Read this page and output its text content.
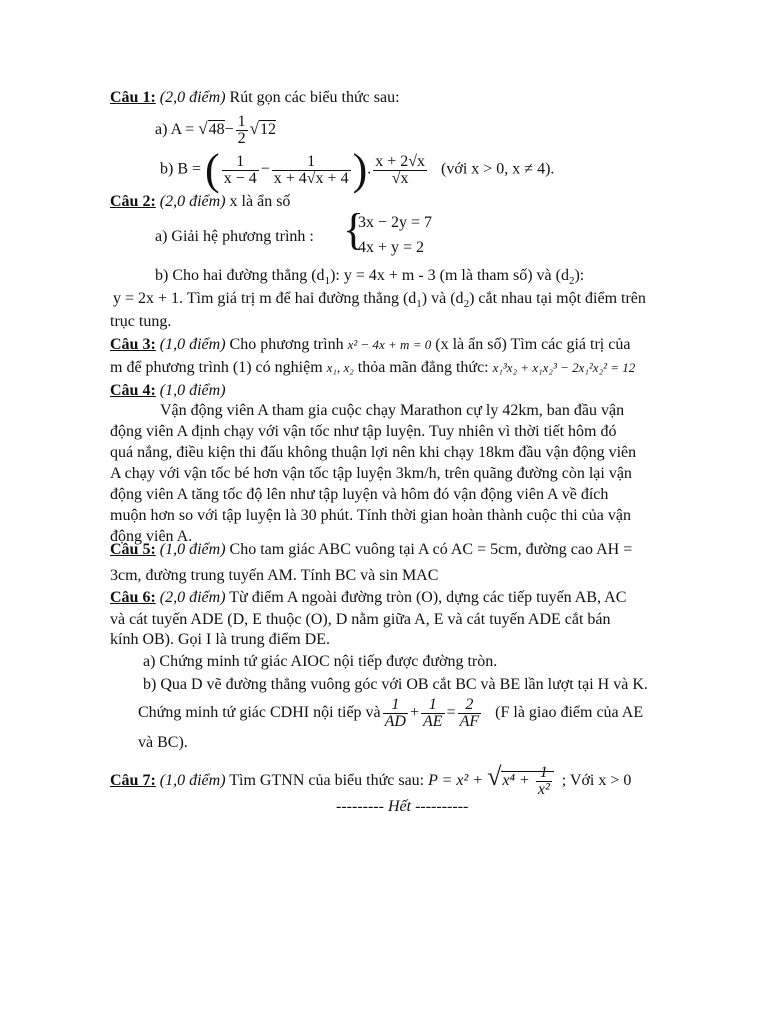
Câu 1: (2,0 điểm) Rút gọn các biểu thức sau:
a) $A = √48- \frac{1}{2} √12$
b) B = ( $\frac{1}{x - 4} - \frac{1}{x + 4√x + 4}$ ). $\frac{x + 2√x}{√x}$ (với x > 0, x ≠ 4).
Câu 2: (2,0 điểm) x là ẩn số
a) Giải hệ phương trình : {
3x − 2y = 7
4x + y = 2
b) Cho hai đường thẳng $(d_1)$: y = 4x + m - 3 (m là tham số) và $(d_2)$:
y = 2x + 1. Tìm giá trị m để hai đường thẳng $(d_1)$ và $(d_2)$ cắt nhau tại một điểm trên
trục tung.
Câu 3: (1,0 điểm) Cho phương trình x² − 4x + m = 0 (x là ẩn số) Tìm các giá trị của
m để phương trình (1) có nghiệm x₁, x₂ thỏa mãn đẳng thức: x₁³x₂ + x₁x₂³ − 2x₁²x₂² = 12
Câu 4: (1,0 điểm)
Vận động viên A tham gia cuộc chạy Marathon cự ly 42km, ban đầu vận
động viên A định chạy với vận tốc như tập luyện. Tuy nhiên vì thời tiết hôm đó
quá nắng, điều kiện thi đấu không thuận lợi nên khi chạy 18km đầu vận động viên
A chạy với vận tốc bé hơn vận tốc tập luyện 3km/h, trên quãng đường còn lại vận
động viên A tăng tốc độ lên như tập luyện và hôm đó vận động viên A về đích
muộn hơn so với tập luyện là 30 phút. Tính thời gian hoàn thành cuộc thi của vận
động viên A.
Câu 5: (1,0 điểm) Cho tam giác ABC vuông tại A có AC = 5cm, đường cao AH =
3cm, đường trung tuyến AM. Tính BC và sin MAC
Câu 6: (2,0 điểm) Từ điểm A ngoài đường tròn (O), dựng các tiếp tuyến AB, AC
và cát tuyến ADE (D, E thuộc (O), D nằm giữa A, E và cát tuyến ADE cắt bán
kính OB). Gọi I là trung điểm DE.
a) Chứng minh tứ giác AIOC nội tiếp được đường tròn.
b) Qua D vẽ đường thẳng vuông góc với OB cắt BC và BE lần lượt tại H và K.
Chứng minh tứ giác CDHI nội tiếp và $\frac{1}{AD} + \frac{1}{AE} = \frac{2}{AF} (F$ là giao điểm của AE
và BC).
Câu 7: (1,0 điểm) Tìm GTNN của biểu thức sau: $P = x^2 + √x^4 + \frac{1}{\text{x²}}$ ; Với x > 0
--------- Hết ----------
